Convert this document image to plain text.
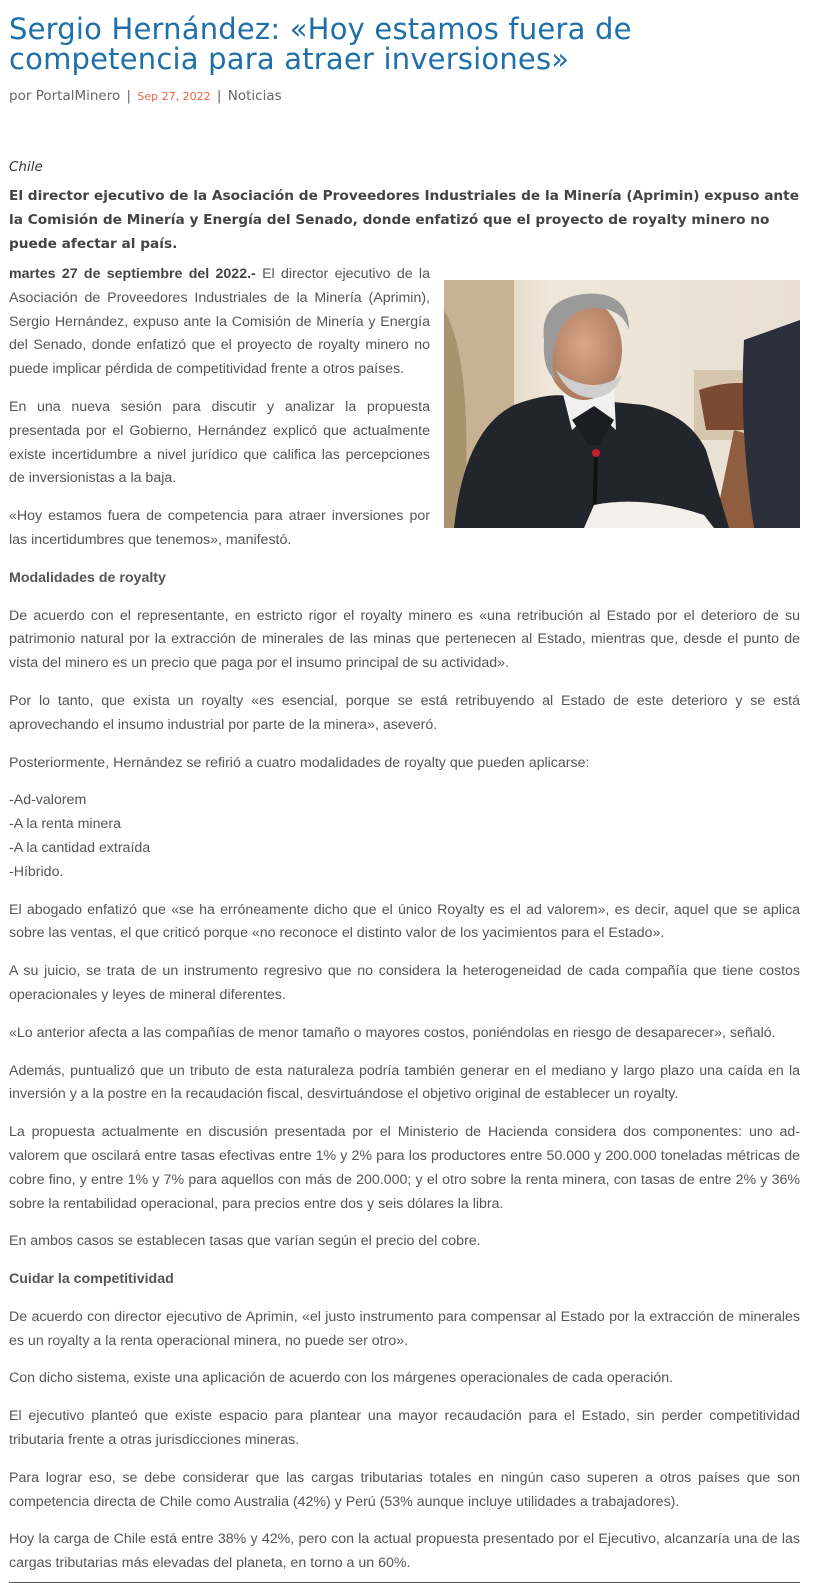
Sergio Hernández: «Hoy estamos fuera de competencia para atraer inversiones»
por PortalMinero | Sep 27, 2022 | Noticias
Chile
El director ejecutivo de la Asociación de Proveedores Industriales de la Minería (Aprimin) expuso ante la Comisión de Minería y Energía del Senado, donde enfatizó que el proyecto de royalty minero no puede afectar al país.

martes 27 de septiembre del 2022.- El director ejecutivo de la Asociación de Proveedores Industriales de la Minería (Aprimin), Sergio Hernández, expuso ante la Comisión de Minería y Energía del Senado, donde enfatizó que el proyecto de royalty minero no puede implicar pérdida de competitividad frente a otros países.

En una nueva sesión para discutir y analizar la propuesta presentada por el Gobierno, Hernández explicó que actualmente existe incertidumbre a nivel jurídico que califica las percepciones de inversionistas a la baja.

«Hoy estamos fuera de competencia para atraer inversiones por las incertidumbres que tenemos», manifestó.

Modalidades de royalty

De acuerdo con el representante, en estricto rigor el royalty minero es «una retribución al Estado por el deterioro de su patrimonio natural por la extracción de minerales de las minas que pertenecen al Estado, mientras que, desde el punto de vista del minero es un precio que paga por el insumo principal de su actividad».

Por lo tanto, que exista un royalty «es esencial, porque se está retribuyendo al Estado de este deterioro y se está aprovechando el insumo industrial por parte de la minera», aseveró.

Posteriormente, Hernández se refirió a cuatro modalidades de royalty que pueden aplicarse:

-Ad-valorem
-A la renta minera
-A la cantidad extraída
-Híbrido.

El abogado enfatizó que «se ha erróneamente dicho que el único Royalty es el ad valorem», es decir, aquel que se aplica sobre las ventas, el que criticó porque «no reconoce el distinto valor de los yacimientos para el Estado».

A su juicio, se trata de un instrumento regresivo que no considera la heterogeneidad de cada compañía que tiene costos operacionales y leyes de mineral diferentes.

«Lo anterior afecta a las compañías de menor tamaño o mayores costos, poniéndolas en riesgo de desaparecer», señaló.

Además, puntualizó que un tributo de esta naturaleza podría también generar en el mediano y largo plazo una caída en la inversión y a la postre en la recaudación fiscal, desvirtuándose el objetivo original de establecer un royalty.

La propuesta actualmente en discusión presentada por el Ministerio de Hacienda considera dos componentes: uno ad-valorem que oscilará entre tasas efectivas entre 1% y 2% para los productores entre 50.000 y 200.000 toneladas métricas de cobre fino, y entre 1% y 7% para aquellos con más de 200.000; y el otro sobre la renta minera, con tasas de entre 2% y 36% sobre la rentabilidad operacional, para precios entre dos y seis dólares la libra.

En ambos casos se establecen tasas que varían según el precio del cobre.

Cuidar la competitividad

De acuerdo con director ejecutivo de Aprimin, «el justo instrumento para compensar al Estado por la extracción de minerales es un royalty a la renta operacional minera, no puede ser otro».

Con dicho sistema, existe una aplicación de acuerdo con los márgenes operacionales de cada operación.

El ejecutivo planteó que existe espacio para plantear una mayor recaudación para el Estado, sin perder competitividad tributaria frente a otras jurisdicciones mineras.

Para lograr eso, se debe considerar que las cargas tributarias totales en ningún caso superen a otros países que son competencia directa de Chile como Australia (42%) y Perú (53% aunque incluye utilidades a trabajadores).

Hoy la carga de Chile está entre 38% y 42%, pero con la actual propuesta presentado por el Ejecutivo, alcanzaría una de las cargas tributarias más elevadas del planeta, en torno a un 60%.
